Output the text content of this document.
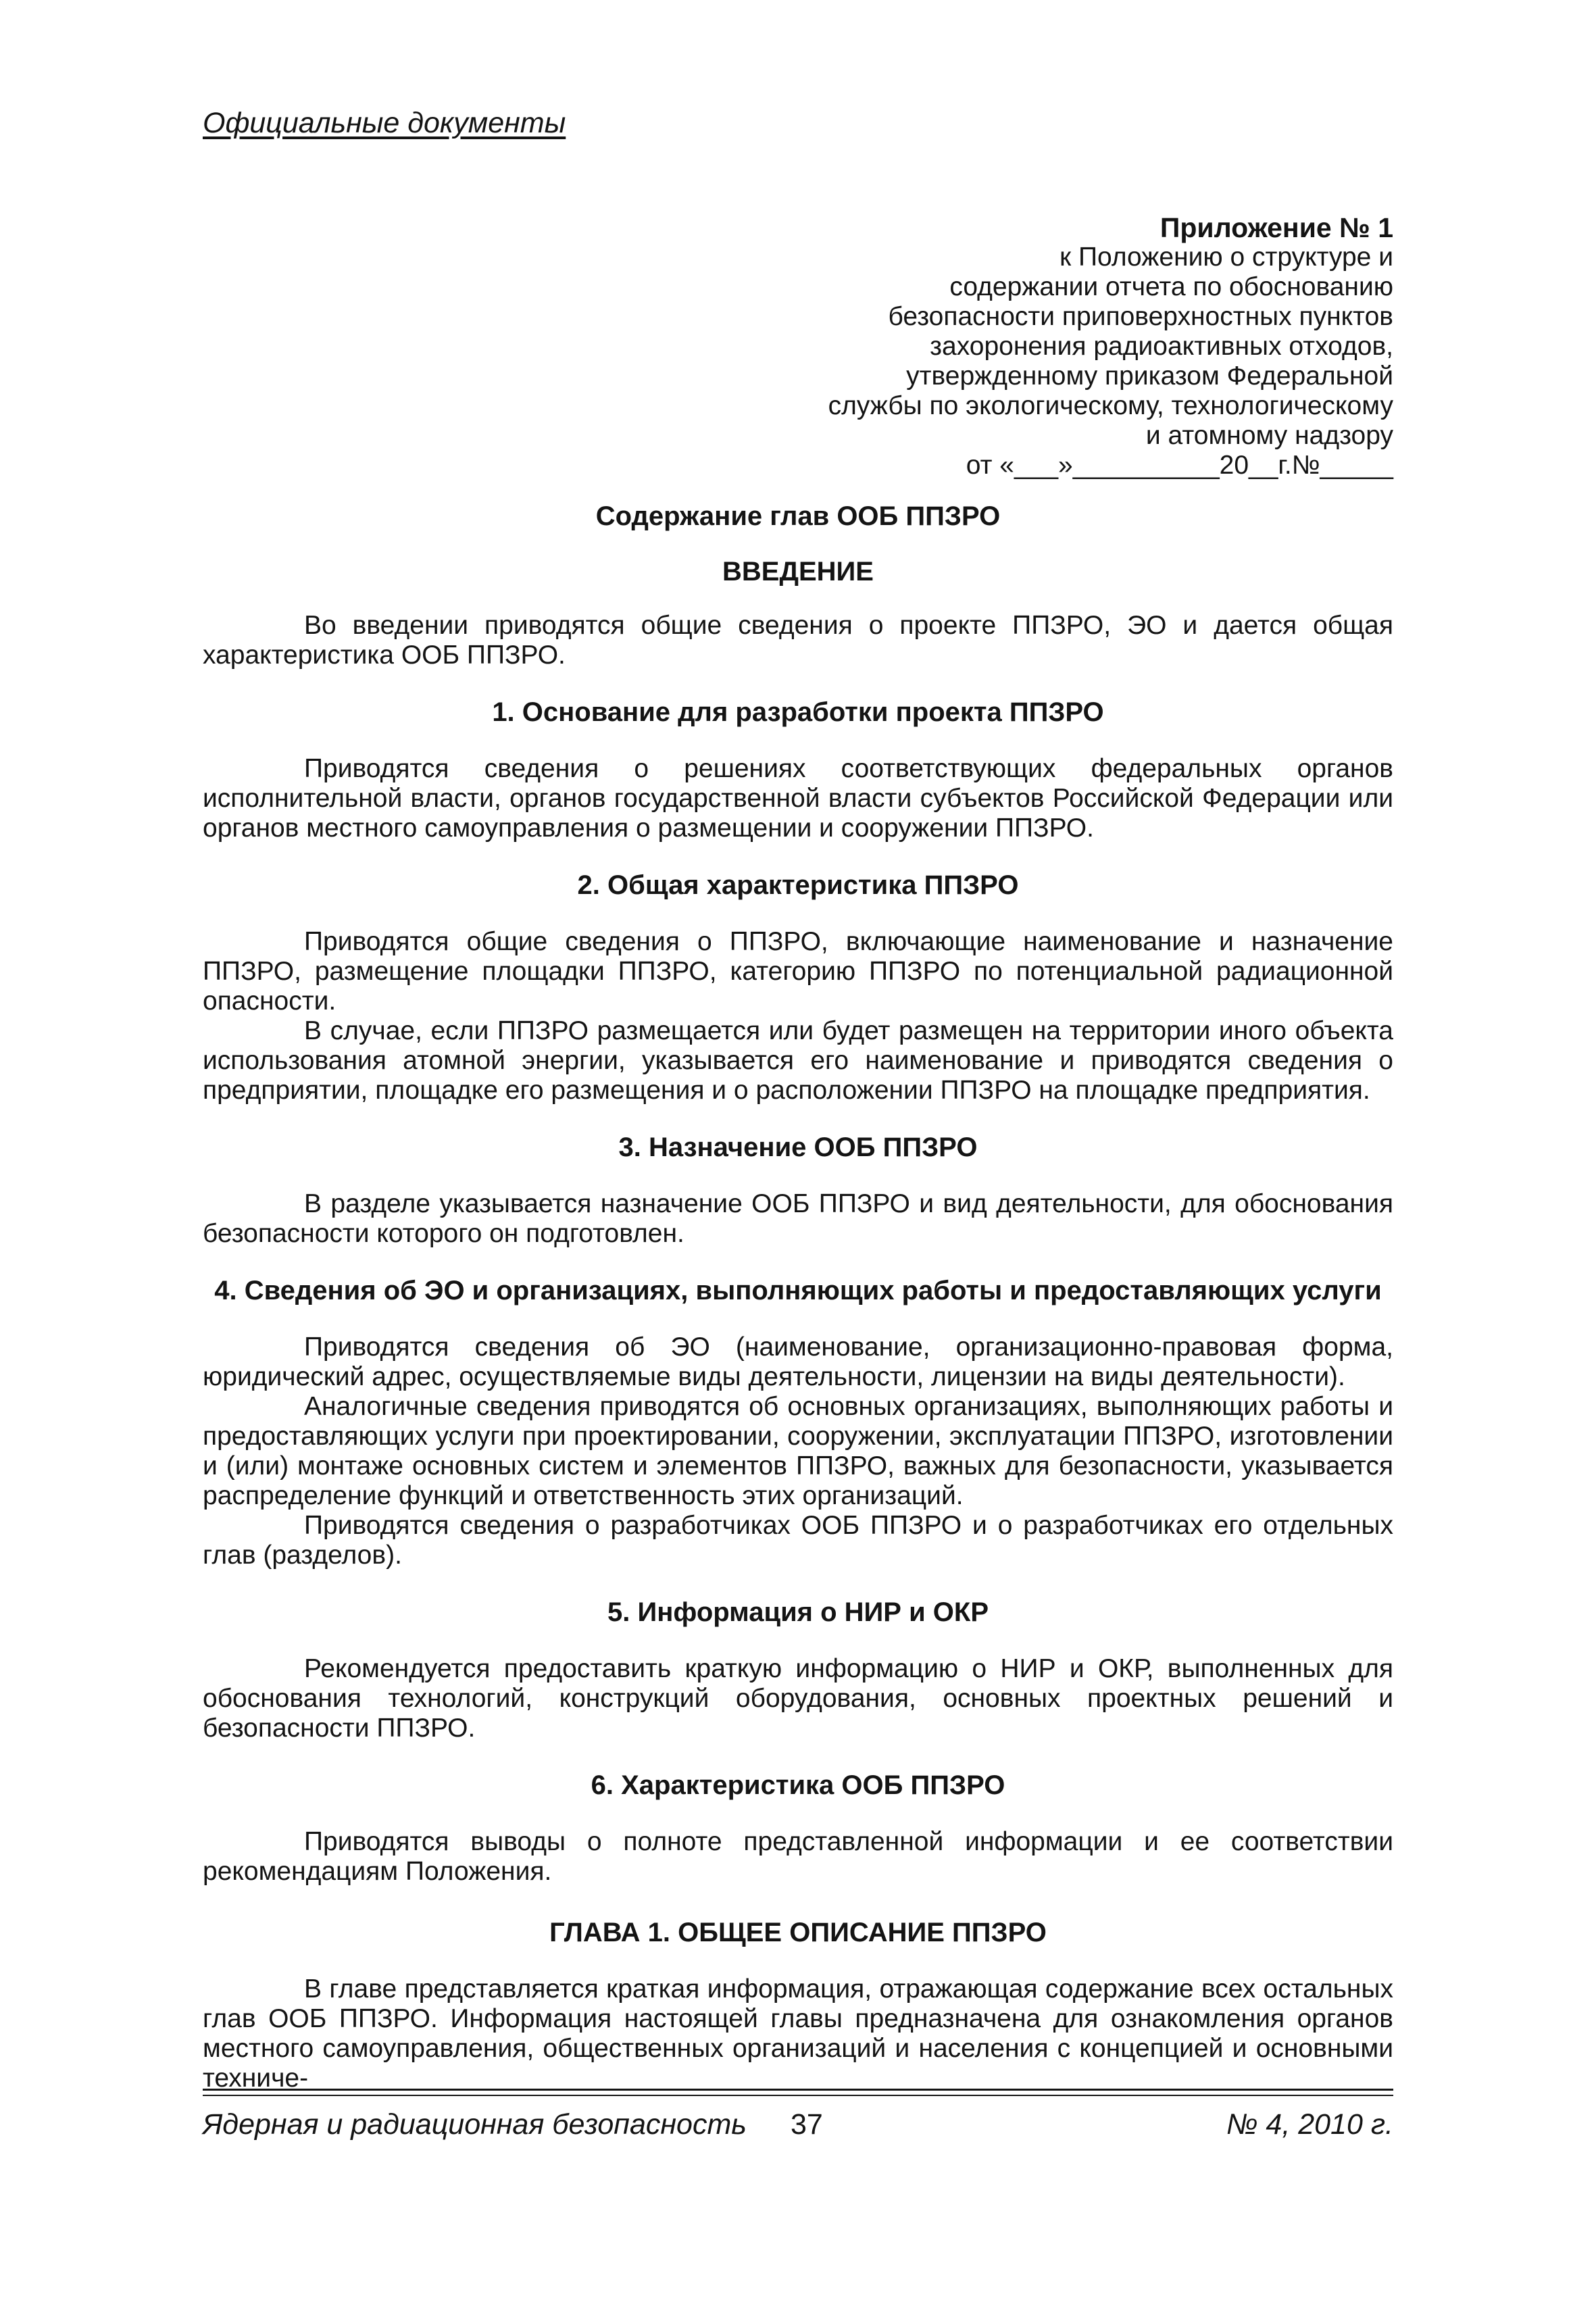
Официальные документы
Приложение № 1
к Положению о структуре и
содержании отчета по обоснованию
безопасности приповерхностных пунктов
захоронения радиоактивных отходов,
утвержденному приказом Федеральной
службы по экологическому, технологическому
и атомному надзору
от «___»__________20__г.№_____
Содержание глав ООБ ППЗРО
ВВЕДЕНИЕ

Во введении приводятся общие сведения о проекте ППЗРО, ЭО и дается общая характеристика ООБ ППЗРО.

1. Основание для разработки проекта ППЗРО

Приводятся сведения о решениях соответствующих федеральных органов исполнительной власти, органов государственной власти субъектов Российской Федерации или органов местного самоуправления о размещении и сооружении ППЗРО.

2. Общая характеристика ППЗРО

Приводятся общие сведения о ППЗРО, включающие наименование и назначение ППЗРО, размещение площадки ППЗРО, категорию ППЗРО по потенциальной радиационной опасности.

В случае, если ППЗРО размещается или будет размещен на территории иного объекта использования атомной энергии, указывается его наименование и приводятся сведения о предприятии, площадке его размещения и о расположении ППЗРО на площадке предприятия.

3. Назначение ООБ ППЗРО

В разделе указывается назначение ООБ ППЗРО и вид деятельности, для обоснования безопасности которого он подготовлен.

4. Сведения об ЭО и организациях, выполняющих работы и предоставляющих услуги

Приводятся сведения об ЭО (наименование, организационно-правовая форма, юридический адрес, осуществляемые виды деятельности, лицензии на виды деятельности).

Аналогичные сведения приводятся об основных организациях, выполняющих работы и предоставляющих услуги при проектировании, сооружении, эксплуатации ППЗРО, изготовлении и (или) монтаже основных систем и элементов ППЗРО, важных для безопасности, указывается распределение функций и ответственность этих организаций.

Приводятся сведения о разработчиках ООБ ППЗРО и о разработчиках его отдельных глав (разделов).

5. Информация о НИР и ОКР

Рекомендуется предоставить краткую информацию о НИР и ОКР, выполненных для обоснования технологий, конструкций оборудования, основных проектных решений и безопасности ППЗРО.

6. Характеристика ООБ ППЗРО

Приводятся выводы о полноте представленной информации и ее соответствии рекомендациям Положения.

ГЛАВА 1. ОБЩЕЕ ОПИСАНИЕ ППЗРО

В главе представляется краткая информация, отражающая содержание всех остальных глав ООБ ППЗРО. Информация настоящей главы предназначена для ознакомления органов местного самоуправления, общественных организаций и населения с концепцией и основными техниче-

Ядерная и радиационная безопасность 37	№ 4, 2010 г.
